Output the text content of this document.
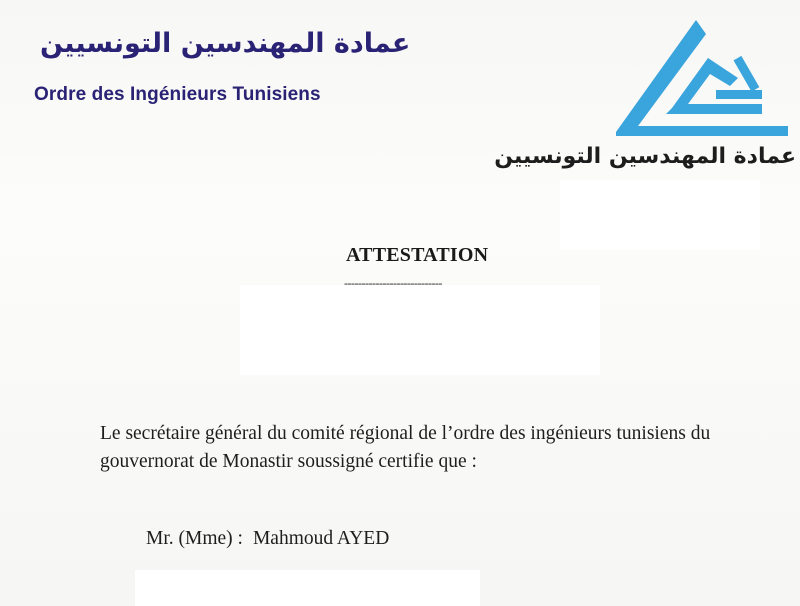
عمادة المهندسين التونسيين
Ordre des Ingénieurs Tunisiens
عمادة المهندسين التونسيين
ATTESTATION
----------------------------
Le secrétaire général du comité régional de l’ordre des ingénieurs tunisiens du
gouvernorat de Monastir soussigné certifie que :
Mr. (Mme) : Mahmoud AYED
